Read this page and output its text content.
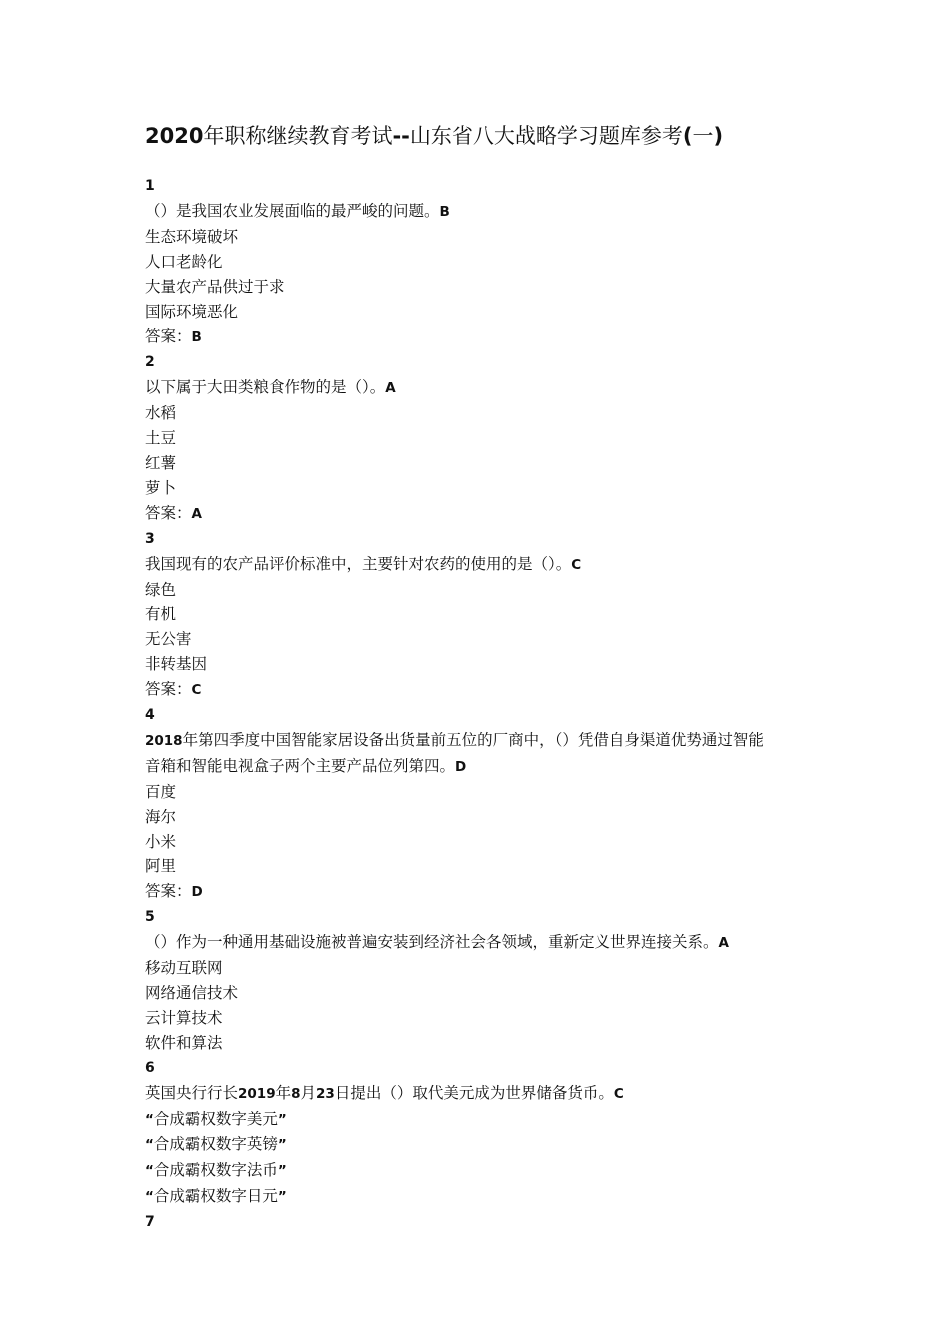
2020年职称继续教育考试--山东省八大战略学习题库参考(一)
1
（）是我国农业发展面临的最严峻的问题。B
生态环境破坏
人口老龄化
大量农产品供过于求
国际环境恶化
答案：B
2
以下属于大田类粮食作物的是（）。A
水稻
土豆
红薯
萝卜
答案：A
3
我国现有的农产品评价标准中，主要针对农药的使用的是（）。C
绿色
有机
无公害
非转基因
答案：C
4
2018年第四季度中国智能家居设备出货量前五位的厂商中，（）凭借自身渠道优势通过智能
音箱和智能电视盒子两个主要产品位列第四。D
百度
海尔
小米
阿里
答案：D
5
（）作为一种通用基础设施被普遍安装到经济社会各领域，重新定义世界连接关系。A
移动互联网
网络通信技术
云计算技术
软件和算法
6
英国央行行长2019年8月23日提出（）取代美元成为世界储备货币。C
“合成霸权数字美元”
“合成霸权数字英镑”
“合成霸权数字法币”
“合成霸权数字日元”
7
